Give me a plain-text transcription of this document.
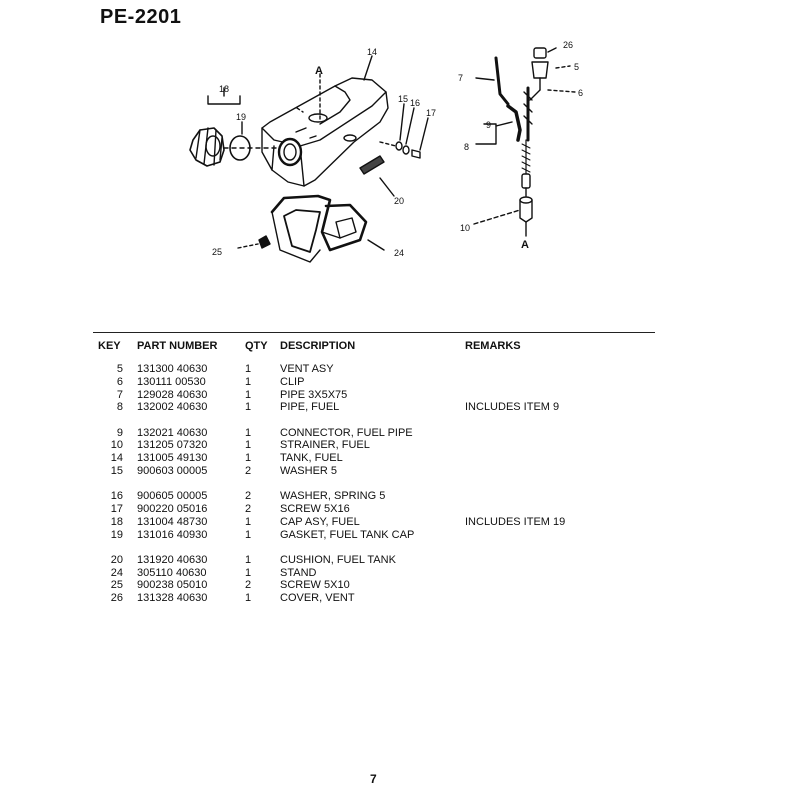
PE-2201
14
A
15 16
17
18
19
20
24
25
26
5
6
7
9
8
10
A
KEY	PART NUMBER	QTY	DESCRIPTION	REMARKS
5	131300 40630	1	VENT ASY	
6	130111 00530	1	CLIP	
7	129028 40630	1	PIPE 3X5X75	
8	132002 40630	1	PIPE, FUEL	INCLUDES ITEM 9

9	132021 40630	1	CONNECTOR, FUEL PIPE	
10	131205 07320	1	STRAINER, FUEL	
14	131005 49130	1	TANK, FUEL	
15	900603 00005	2	WASHER 5	

16	900605 00005	2	WASHER, SPRING 5	
17	900220 05016	2	SCREW 5X16	
18	131004 48730	1	CAP ASY, FUEL	INCLUDES ITEM 19
19	131016 40930	1	GASKET, FUEL TANK CAP	

20	131920 40630	1	CUSHION, FUEL TANK	
24	305110 40630	1	STAND	
25	900238 05010	2	SCREW 5X10	
26	131328 40630	1	COVER, VENT	
7
